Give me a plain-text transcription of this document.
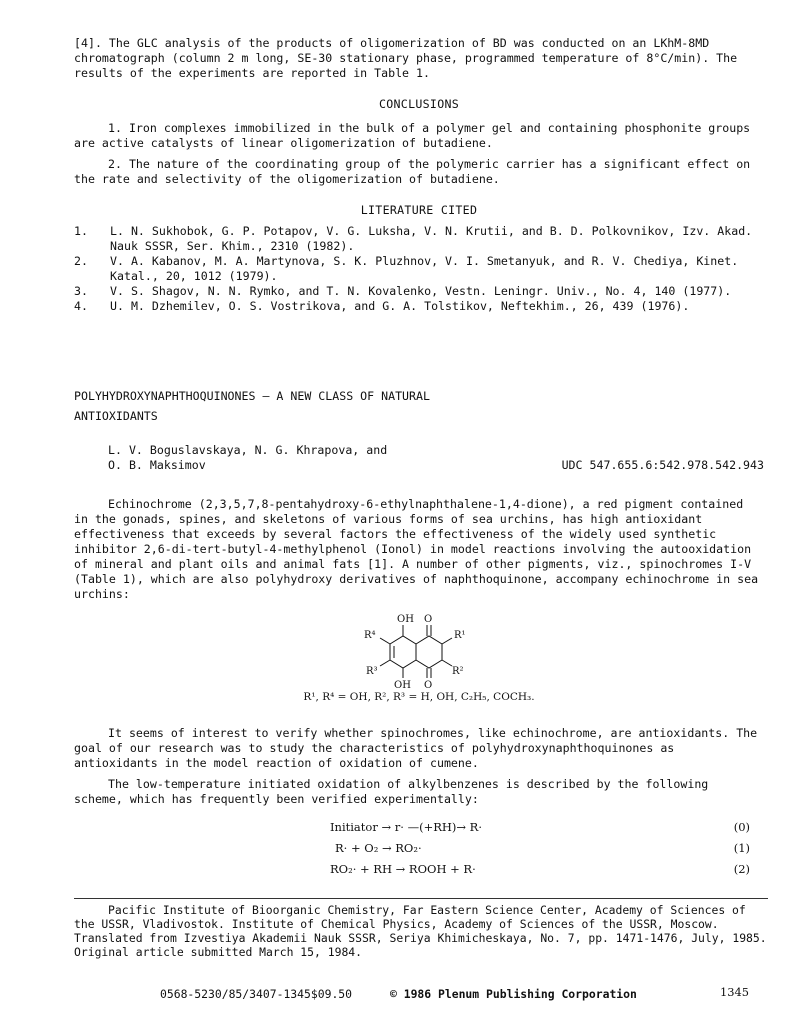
[4]. The GLC analysis of the products of oligomerization of BD was conducted on an LKhM-8MD chromatograph (column 2 m long, SE-30 stationary phase, programmed temperature of 8°C/min). The results of the experiments are reported in Table 1.

CONCLUSIONS

1. Iron complexes immobilized in the bulk of a polymer gel and containing phosphonite groups are active catalysts of linear oligomerization of butadiene.

2. The nature of the coordinating group of the polymeric carrier has a significant effect on the rate and selectivity of the oligomerization of butadiene.

LITERATURE CITED

1. L. N. Sukhobok, G. P. Potapov, V. G. Luksha, V. N. Krutii, and B. D. Polkovnikov, Izv. Akad. Nauk SSSR, Ser. Khim., 2310 (1982).
2. V. A. Kabanov, M. A. Martynova, S. K. Pluzhnov, V. I. Smetanyuk, and R. V. Chediya, Kinet. Katal., 20, 1012 (1979).
3. V. S. Shagov, N. N. Rymko, and T. N. Kovalenko, Vestn. Leningr. Univ., No. 4, 140 (1977).
4. U. M. Dzhemilev, O. S. Vostrikova, and G. A. Tolstikov, Neftekhim., 26, 439 (1976).

POLYHYDROXYNAPHTHOQUINONES — A NEW CLASS OF NATURAL

ANTIOXIDANTS

L. V. Boguslavskaya, N. G. Khrapova, and
O. B. Maksimov	UDC 547.655.6:542.978.542.943

Echinochrome (2,3,5,7,8-pentahydroxy-6-ethylnaphthalene-1,4-dione), a red pigment contained in the gonads, spines, and skeletons of various forms of sea urchins, has high antioxidant effectiveness that exceeds by several factors the effectiveness of the widely used synthetic inhibitor 2,6-di-tert-butyl-4-methylphenol (Ionol) in model reactions involving the autooxidation of mineral and plant oils and animal fats [1]. A number of other pigments, viz., spinochromes I-V (Table 1), which are also polyhydroxy derivatives of naphthoquinone, accompany echinochrome in sea urchins:

OH O
R⁴	R¹
R³	R²
OH O

R¹, R⁴ = OH, R², R³ = H, OH, C₂H₅, COCH₃.

It seems of interest to verify whether spinochromes, like echinochrome, are antioxidants. The goal of our research was to study the characteristics of polyhydroxynaphthoquinones as antioxidants in the model reaction of oxidation of cumene.

The low-temperature initiated oxidation of alkylbenzenes is described by the following scheme, which has frequently been verified experimentally:

Initiator → r· —(+RH)→ R·	(0)
R· + O₂ → RO₂·	(1)
RO₂· + RH → ROOH + R·	(2)

Pacific Institute of Bioorganic Chemistry, Far Eastern Science Center, Academy of Sciences of the USSR, Vladivostok. Institute of Chemical Physics, Academy of Sciences of the USSR, Moscow. Translated from Izvestiya Akademii Nauk SSSR, Seriya Khimicheskaya, No. 7, pp. 1471-1476, July, 1985. Original article submitted March 15, 1984.

0568-5230/85/3407-1345$09.50	© 1986 Plenum Publishing Corporation	1345
